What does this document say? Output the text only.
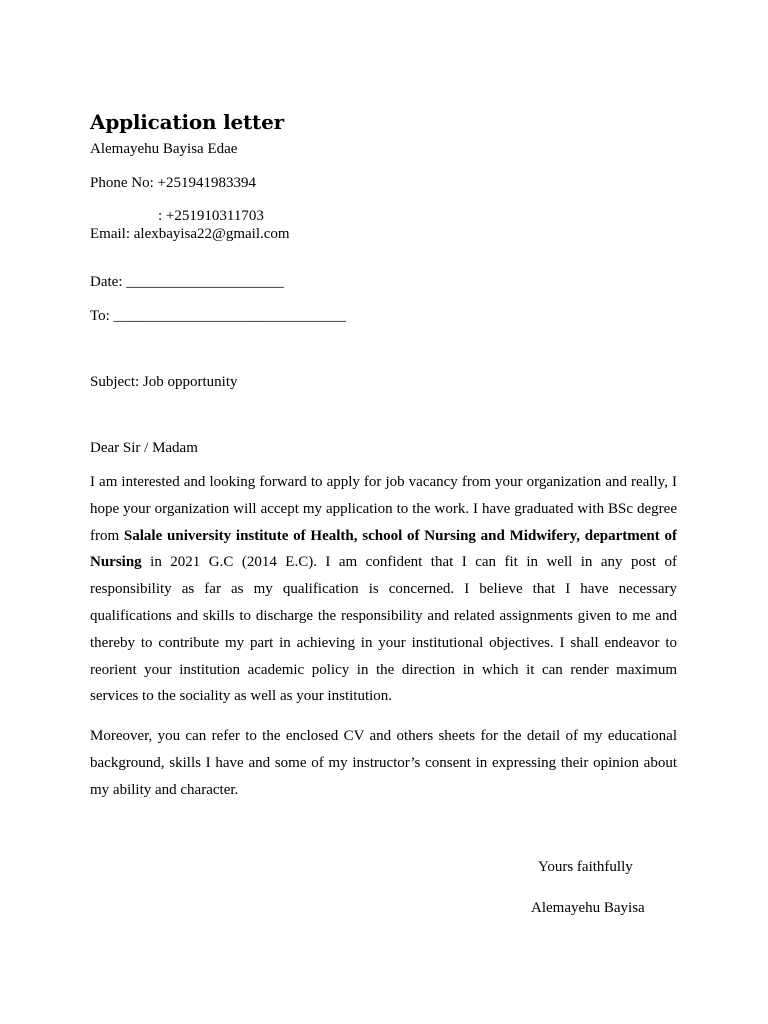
Application letter
Alemayehu Bayisa Edae
Phone No: +251941983394
: +251910311703
Email: alexbayisa22@gmail.com
Date: _____________________
To: _______________________________
Subject: Job opportunity
Dear Sir / Madam
I am interested and looking forward to apply for job vacancy from your organization and really, I hope your organization will accept my application to the work. I have graduated with BSc degree from Salale university institute of Health, school of Nursing and Midwifery, department of Nursing in 2021 G.C (2014 E.C). I am confident that I can fit in well in any post of responsibility as far as my qualification is concerned. I believe that I have necessary qualifications and skills to discharge the responsibility and related assignments given to me and thereby to contribute my part in achieving in your institutional objectives. I shall endeavor to reorient your institution academic policy in the direction in which it can render maximum services to the sociality as well as your institution.
Moreover, you can refer to the enclosed CV and others sheets for the detail of my educational background, skills I have and some of my instructor’s consent in expressing their opinion about my ability and character.
Yours faithfully
Alemayehu Bayisa
